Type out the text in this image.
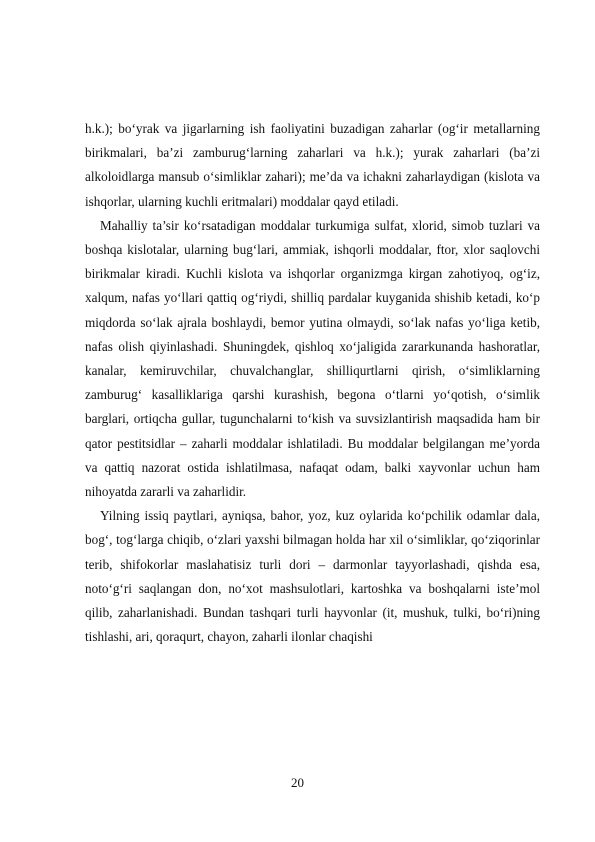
h.k.); bo‘yrak va jigarlarning ish faoliyatini buzadigan zaharlar (og‘ir metallarning birikmalari, ba’zi zamburug‘larning zaharlari va h.k.); yurak zaharlari (ba’zi alkoloidlarga mansub o‘simliklar zahari); me’da va ichakni zaharlaydigan (kislota va ishqorlar, ularning kuchli eritmalari) moddalar qayd etiladi.

Mahalliy ta’sir ko‘rsatadigan moddalar turkumiga sulfat, xlorid, simob tuzlari va boshqa kislotalar, ularning bug‘lari, ammiak, ishqorli moddalar, ftor, xlor saqlovchi birikmalar kiradi. Kuchli kislota va ishqorlar organizmga kirgan zahotiyoq, og‘iz, xalqum, nafas yo‘llari qattiq og‘riydi, shilliq pardalar kuyganida shishib ketadi, ko‘p miqdorda so‘lak ajrala boshlaydi, bemor yutina olmaydi, so‘lak nafas yo‘liga ketib, nafas olish qiyinlashadi. Shuningdek, qishloq xo‘jaligida zararkunanda hashoratlar, kanalar, kemiruvchilar, chuvalchanglar, shilliqurtlarni qirish, o‘simliklarning zamburug‘ kasalliklariga qarshi kurashish, begona o‘tlarni yo‘qotish, o‘simlik barglari, ortiqcha gullar, tugunchalarni to‘kish va suvsizlantirish maqsadida ham bir qator pestitsidlar – zaharli moddalar ishlatiladi. Bu moddalar belgilangan me’yorda va qattiq nazorat ostida ishlatilmasa, nafaqat odam, balki xayvonlar uchun ham nihoyatda zararli va zaharlidir.

Yilning issiq paytlari, ayniqsa, bahor, yoz, kuz oylarida ko‘pchilik odamlar dala, bog‘, tog‘larga chiqib, o‘zlari yaxshi bilmagan holda har xil o‘simliklar, qo‘ziqorinlar terib, shifokorlar maslahatisiz turli dori – darmonlar tayyorlashadi, qishda esa, noto‘g‘ri saqlangan don, no‘xot mashsulotlari, kartoshka va boshqalarni iste’mol qilib, zaharlanishadi. Bundan tashqari turli hayvonlar (it, mushuk, tulki, bo‘ri)ning tishlashi, ari, qoraqurt, chayon, zaharli ilonlar chaqishi

20
